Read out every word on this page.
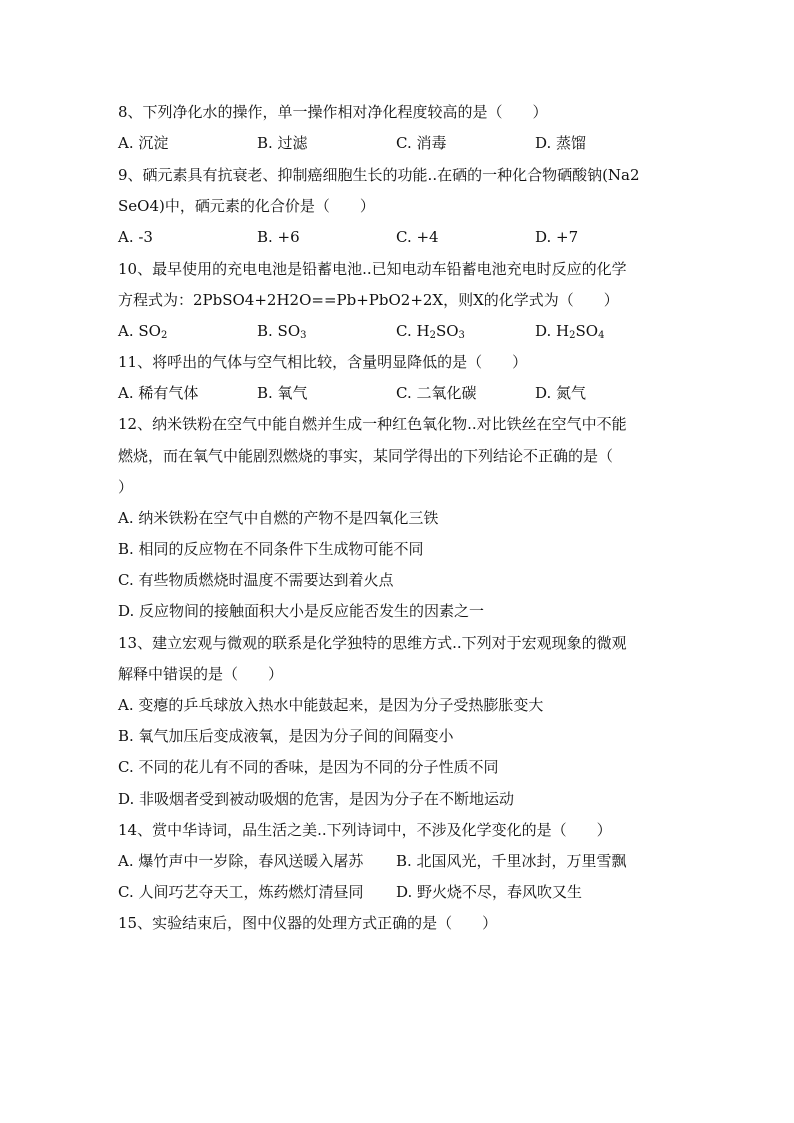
8、下列净化水的操作，单一操作相对净化程度较高的是（　　）
A. 沉淀	B. 过滤	C. 消毒	D. 蒸馏
9、硒元素具有抗衰老、抑制癌细胞生长的功能..在硒的一种化合物硒酸钠(Na2
SeO4)中，硒元素的化合价是（　　）
A. -3	B. +6	C. +4	D. +7
10、最早使用的充电电池是铅蓄电池..已知电动车铅蓄电池充电时反应的化学
方程式为：2PbSO4+2H2O==Pb+PbO2+2X，则X的化学式为（　　）
A. $SO_2$	B. $SO_3$	C. $H_2SO_3$	D. $H_2SO_4$
11、将呼出的气体与空气相比较，含量明显降低的是（　　）
A. 稀有气体	B. 氧气	C. 二氧化碳	D. 氮气
12、纳米铁粉在空气中能自燃并生成一种红色氧化物..对比铁丝在空气中不能
燃烧，而在氧气中能剧烈燃烧的事实，某同学得出的下列结论不正确的是（
）
A. 纳米铁粉在空气中自燃的产物不是四氧化三铁
B. 相同的反应物在不同条件下生成物可能不同
C. 有些物质燃烧时温度不需要达到着火点
D. 反应物间的接触面积大小是反应能否发生的因素之一
13、建立宏观与微观的联系是化学独特的思维方式..下列对于宏观现象的微观
解释中错误的是（　　）
A. 变瘪的乒乓球放入热水中能鼓起来，是因为分子受热膨胀变大
B. 氧气加压后变成液氧，是因为分子间的间隔变小
C. 不同的花儿有不同的香味，是因为不同的分子性质不同
D. 非吸烟者受到被动吸烟的危害，是因为分子在不断地运动
14、赏中华诗词，品生活之美..下列诗词中，不涉及化学变化的是（　　）
A. 爆竹声中一岁除，春风送暖入屠苏 B. 北国风光，千里冰封，万里雪飘
C. 人间巧艺夺天工，炼药燃灯清昼同 D. 野火烧不尽，春风吹又生
15、实验结束后，图中仪器的处理方式正确的是（　　）
